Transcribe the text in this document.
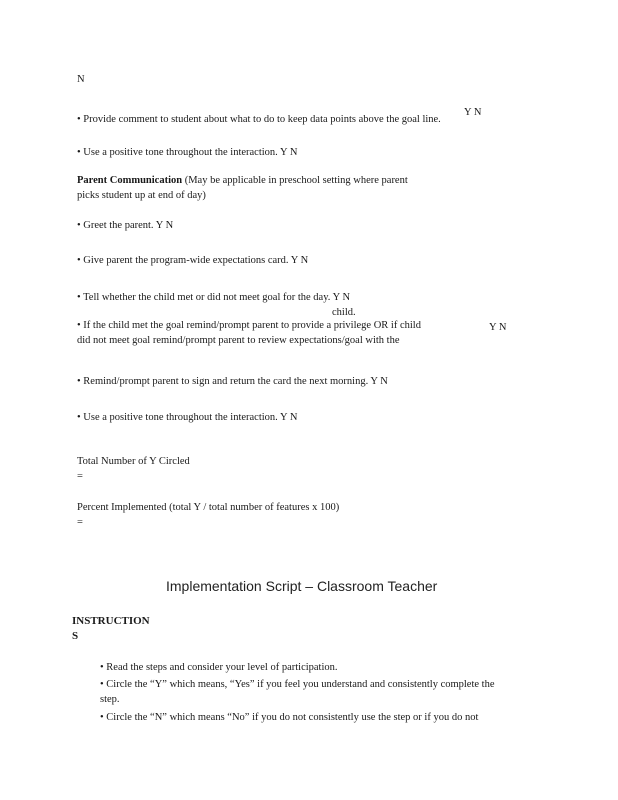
N
• Provide comment to student about what to do to keep data points above the goal line.
Y N
• Use a positive tone throughout the interaction. Y N
Parent Communication (May be applicable in preschool setting where parent
picks student up at end of day)
• Greet the parent. Y N
• Give parent the program-wide expectations card. Y N
• Tell whether the child met or did not meet goal for the day. Y N
child.
• If the child met the goal remind/prompt parent to provide a privilege OR if child	Y N
did not meet goal remind/prompt parent to review expectations/goal with the
• Remind/prompt parent to sign and return the card the next morning. Y N
• Use a positive tone throughout the interaction. Y N
Total Number of Y Circled
=
Percent Implemented (total Y / total number of features x 100)
=
Implementation Script – Classroom Teacher
INSTRUCTION
S
• Read the steps and consider your level of participation.
• Circle the “Y” which means, “Yes” if you feel you understand and consistently complete the
step.
• Circle the “N” which means “No” if you do not consistently use the step or if you do not
